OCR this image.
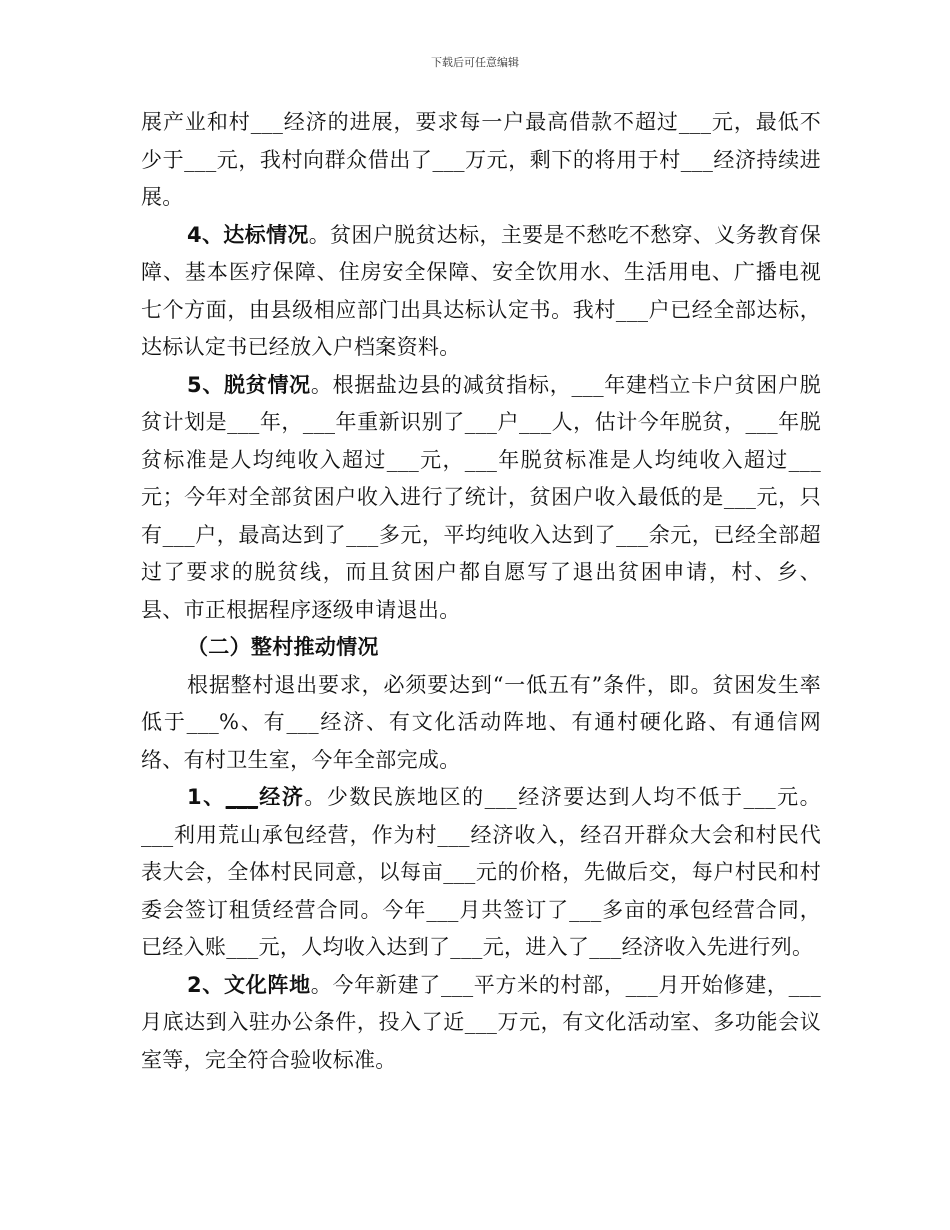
下载后可任意编辑

展产业和村___经济的进展，要求每一户最高借款不超过___元，最低不少于___元，我村向群众借出了___万元，剩下的将用于村___经济持续进展。

4、达标情况。贫困户脱贫达标，主要是不愁吃不愁穿、义务教育保障、基本医疗保障、住房安全保障、安全饮用水、生活用电、广播电视七个方面，由县级相应部门出具达标认定书。我村___户已经全部达标，达标认定书已经放入户档案资料。

5、脱贫情况。根据盐边县的减贫指标，___年建档立卡户贫困户脱贫计划是___年，___年重新识别了___户___人，估计今年脱贫，___年脱贫标准是人均纯收入超过___元，___年脱贫标准是人均纯收入超过___元；今年对全部贫困户收入进行了统计，贫困户收入最低的是___元，只有___户，最高达到了___多元，平均纯收入达到了___余元，已经全部超过了要求的脱贫线，而且贫困户都自愿写了退出贫困申请，村、乡、县、市正根据程序逐级申请退出。

（二）整村推动情况

根据整村退出要求，必须要达到“一低五有”条件，即。贫困发生率低于___%、有___经济、有文化活动阵地、有通村硬化路、有通信网络、有村卫生室，今年全部完成。

1、___经济。少数民族地区的___经济要达到人均不低于___元。___利用荒山承包经营，作为村___经济收入，经召开群众大会和村民代表大会，全体村民同意，以每亩___元的价格，先做后交，每户村民和村委会签订租赁经营合同。今年___月共签订了___多亩的承包经营合同，已经入账___元，人均收入达到了___元，进入了___经济收入先进行列。

2、文化阵地。今年新建了___平方米的村部，___月开始修建，___月底达到入驻办公条件，投入了近___万元，有文化活动室、多功能会议室等，完全符合验收标准。
